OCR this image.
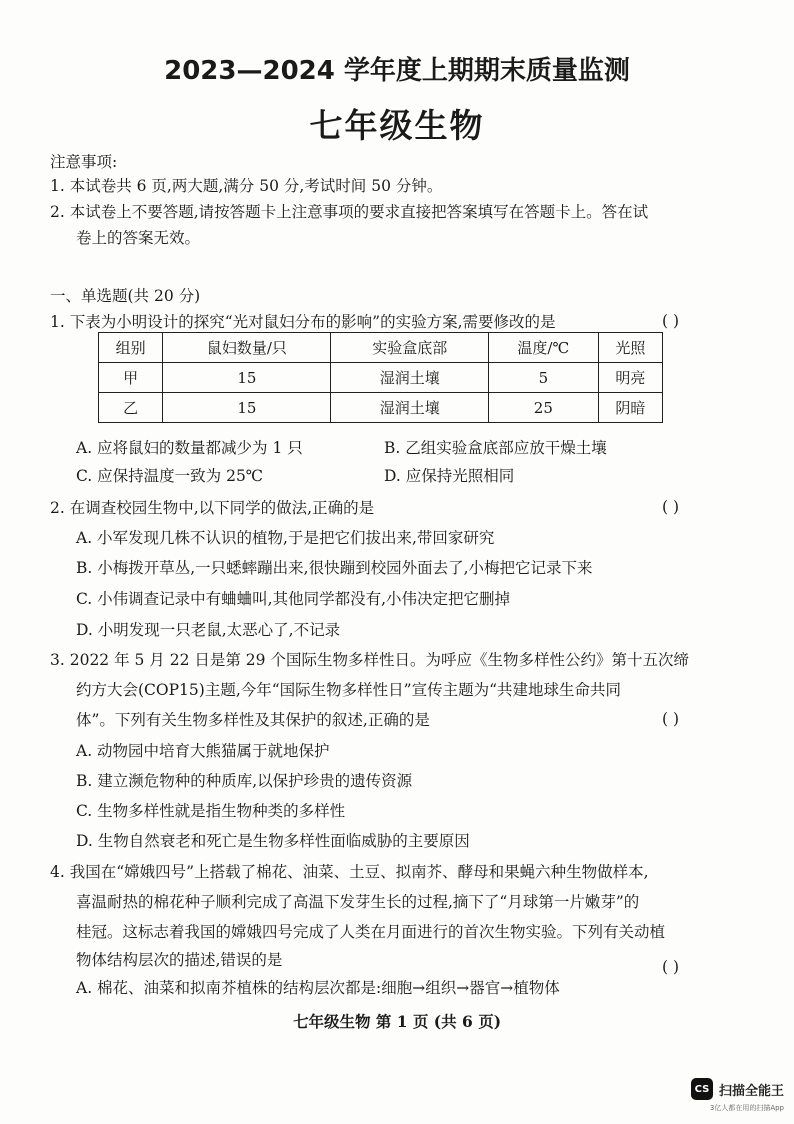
2023—2024 学年度上期期末质量监测
七年级生物
注意事项:
1. 本试卷共 6 页,两大题,满分 50 分,考试时间 50 分钟。
2. 本试卷上不要答题,请按答题卡上注意事项的要求直接把答案填写在答题卡上。答在试
卷上的答案无效。
一、单选题(共 20 分)
1. 下表为小明设计的探究“光对鼠妇分布的影响”的实验方案,需要修改的是	( )
组别	鼠妇数量/只	实验盒底部	温度/℃	光照
甲	15	湿润土壤	5	明亮
乙	15	湿润土壤	25	阴暗
A. 应将鼠妇的数量都减少为 1 只	B. 乙组实验盒底部应放干燥土壤
C. 应保持温度一致为 25℃	D. 应保持光照相同
2. 在调查校园生物中,以下同学的做法,正确的是	( )
A. 小军发现几株不认识的植物,于是把它们拔出来,带回家研究
B. 小梅拨开草丛,一只蟋蟀蹦出来,很快蹦到校园外面去了,小梅把它记录下来
C. 小伟调查记录中有蛐蛐叫,其他同学都没有,小伟决定把它删掉
D. 小明发现一只老鼠,太恶心了,不记录
3. 2022 年 5 月 22 日是第 29 个国际生物多样性日。为呼应《生物多样性公约》第十五次缔
约方大会(COP15)主题,今年“国际生物多样性日”宣传主题为“共建地球生命共同
体”。下列有关生物多样性及其保护的叙述,正确的是	( )
A. 动物园中培育大熊猫属于就地保护
B. 建立濒危物种的种质库,以保护珍贵的遗传资源
C. 生物多样性就是指生物种类的多样性
D. 生物自然衰老和死亡是生物多样性面临威胁的主要原因
4. 我国在“嫦娥四号”上搭载了棉花、油菜、土豆、拟南芥、酵母和果蝇六种生物做样本,
喜温耐热的棉花种子顺利完成了高温下发芽生长的过程,摘下了“月球第一片嫩芽”的
桂冠。这标志着我国的嫦娥四号完成了人类在月面进行的首次生物实验。下列有关动植
物体结构层次的描述,错误的是	( )
A. 棉花、油菜和拟南芥植株的结构层次都是:细胞→组织→器官→植物体
七年级生物 第 1 页 (共 6 页)
CS 扫描全能王
3亿人都在用的扫描App
